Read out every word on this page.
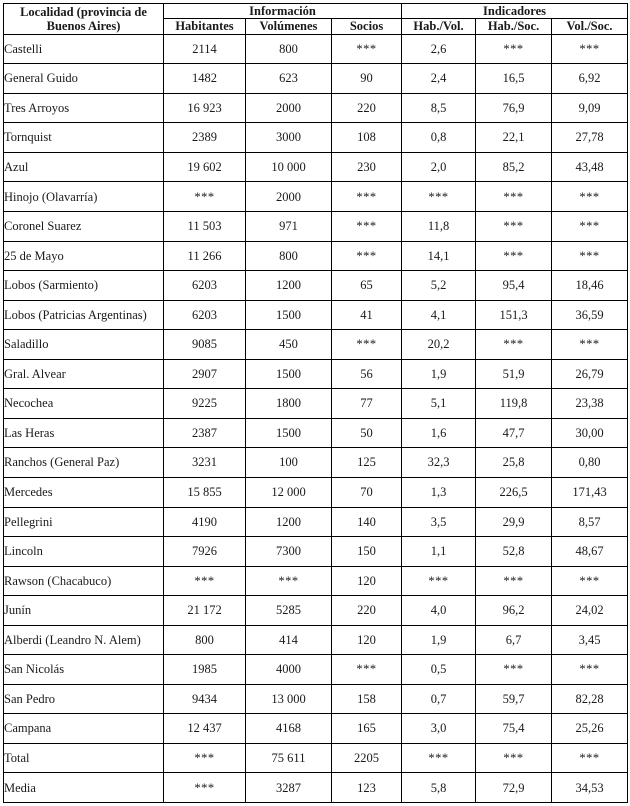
Localidad (provincia de Buenos Aires)	Información			Indicadores		
	Habitantes	Volúmenes	Socios	Hab./Vol.	Hab./Soc.	Vol./Soc.
Castelli	2114	800	***	2,6	***	***
General Guido	1482	623	90	2,4	16,5	6,92
Tres Arroyos	16 923	2000	220	8,5	76,9	9,09
Tornquist	2389	3000	108	0,8	22,1	27,78
Azul	19 602	10 000	230	2,0	85,2	43,48
Hinojo (Olavarría)	***	2000	***	***	***	***
Coronel Suarez	11 503	971	***	11,8	***	***
25 de Mayo	11 266	800	***	14,1	***	***
Lobos (Sarmiento)	6203	1200	65	5,2	95,4	18,46
Lobos (Patricias Argentinas)	6203	1500	41	4,1	151,3	36,59
Saladillo	9085	450	***	20,2	***	***
Gral. Alvear	2907	1500	56	1,9	51,9	26,79
Necochea	9225	1800	77	5,1	119,8	23,38
Las Heras	2387	1500	50	1,6	47,7	30,00
Ranchos (General Paz)	3231	100	125	32,3	25,8	0,80
Mercedes	15 855	12 000	70	1,3	226,5	171,43
Pellegrini	4190	1200	140	3,5	29,9	8,57
Lincoln	7926	7300	150	1,1	52,8	48,67
Rawson (Chacabuco)	***	***	120	***	***	***
Junín	21 172	5285	220	4,0	96,2	24,02
Alberdi (Leandro N. Alem)	800	414	120	1,9	6,7	3,45
San Nicolás	1985	4000	***	0,5	***	***
San Pedro	9434	13 000	158	0,7	59,7	82,28
Campana	12 437	4168	165	3,0	75,4	25,26
Total	***	75 611	2205	***	***	***
Media	***	3287	123	5,8	72,9	34,53
